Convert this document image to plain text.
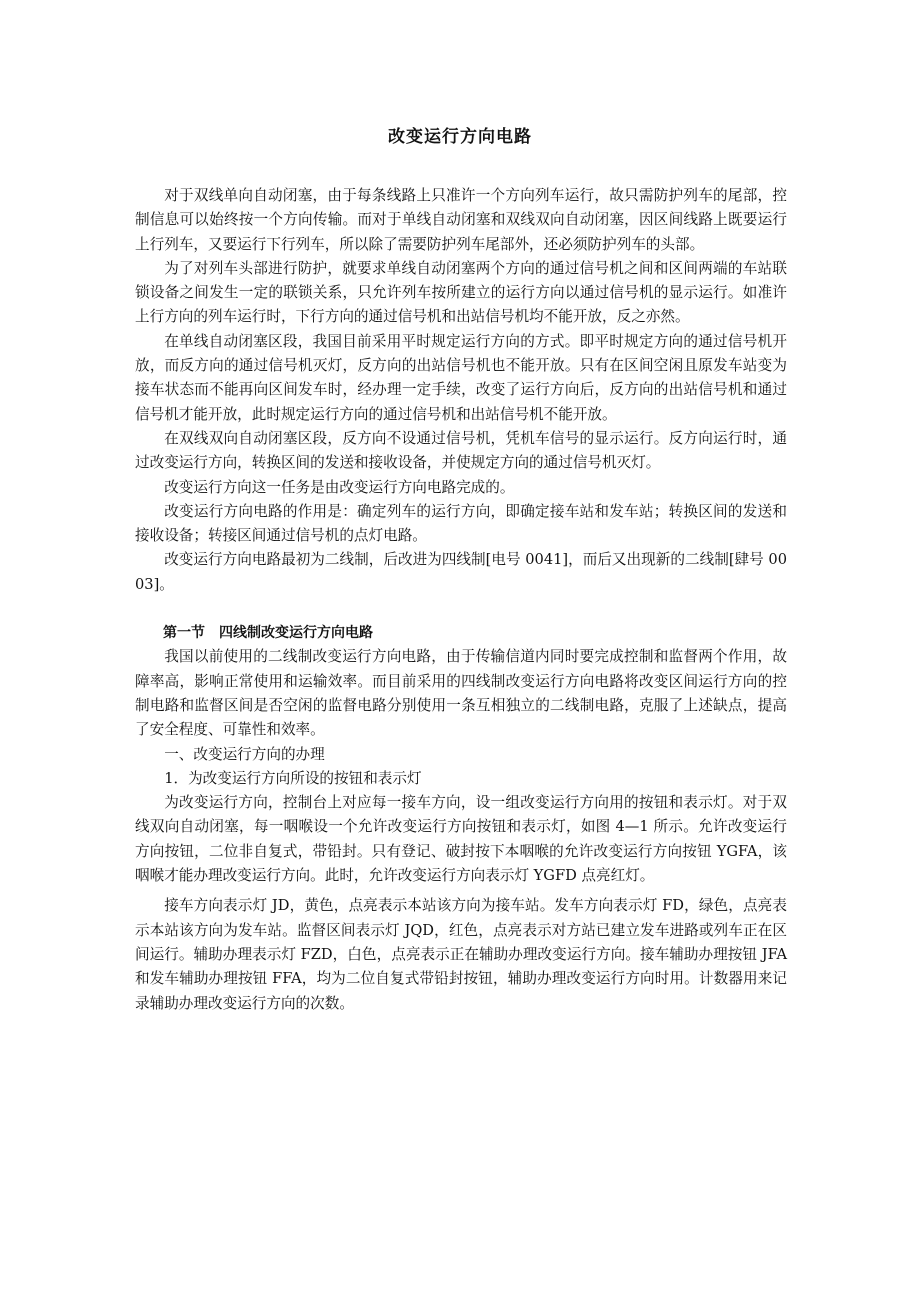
改变运行方向电路

对于双线单向自动闭塞，由于每条线路上只准许一个方向列车运行，故只需防护列车的尾部，控制信息可以始终按一个方向传输。而对于单线自动闭塞和双线双向自动闭塞，因区间线路上既要运行上行列车，又要运行下行列车，所以除了需要防护列车尾部外，还必须防护列车的头部。

为了对列车头部进行防护，就要求单线自动闭塞两个方向的通过信号机之间和区间两端的车站联锁设备之间发生一定的联锁关系，只允许列车按所建立的运行方向以通过信号机的显示运行。如准许上行方向的列车运行时，下行方向的通过信号机和出站信号机均不能开放，反之亦然。

在单线自动闭塞区段，我国目前采用平时规定运行方向的方式。即平时规定方向的通过信号机开放，而反方向的通过信号机灭灯，反方向的出站信号机也不能开放。只有在区间空闲且原发车站变为接车状态而不能再向区间发车时，经办理一定手续，改变了运行方向后，反方向的出站信号机和通过信号机才能开放，此时规定运行方向的通过信号机和出站信号机不能开放。

在双线双向自动闭塞区段，反方向不设通过信号机，凭机车信号的显示运行。反方向运行时，通过改变运行方向，转换区间的发送和接收设备，并使规定方向的通过信号机灭灯。

改变运行方向这一任务是由改变运行方向电路完成的。

改变运行方向电路的作用是：确定列车的运行方向，即确定接车站和发车站；转换区间的发送和接收设备；转接区间通过信号机的点灯电路。

改变运行方向电路最初为二线制，后改进为四线制[电号 0041]，而后又出现新的二线制[肆号 0003]。

第一节 四线制改变运行方向电路

我国以前使用的二线制改变运行方向电路，由于传输信道内同时要完成控制和监督两个作用，故障率高，影响正常使用和运输效率。而目前采用的四线制改变运行方向电路将改变区间运行方向的控制电路和监督区间是否空闲的监督电路分别使用一条互相独立的二线制电路，克服了上述缺点，提高了安全程度、可靠性和效率。

一、改变运行方向的办理

1．为改变运行方向所设的按钮和表示灯

为改变运行方向，控制台上对应每一接车方向，设一组改变运行方向用的按钮和表示灯。对于双线双向自动闭塞，每一咽喉设一个允许改变运行方向按钮和表示灯，如图 4—1 所示。允许改变运行方向按钮，二位非自复式，带铅封。只有登记、破封按下本咽喉的允许改变运行方向按钮 YGFA，该咽喉才能办理改变运行方向。此时，允许改变运行方向表示灯 YGFD 点亮红灯。

接车方向表示灯 JD，黄色，点亮表示本站该方向为接车站。发车方向表示灯 FD，绿色，点亮表示本站该方向为发车站。监督区间表示灯 JQD，红色，点亮表示对方站已建立发车进路或列车正在区间运行。辅助办理表示灯 FZD，白色，点亮表示正在辅助办理改变运行方向。接车辅助办理按钮 JFA 和发车辅助办理按钮 FFA，均为二位自复式带铅封按钮，辅助办理改变运行方向时用。计数器用来记录辅助办理改变运行方向的次数。
